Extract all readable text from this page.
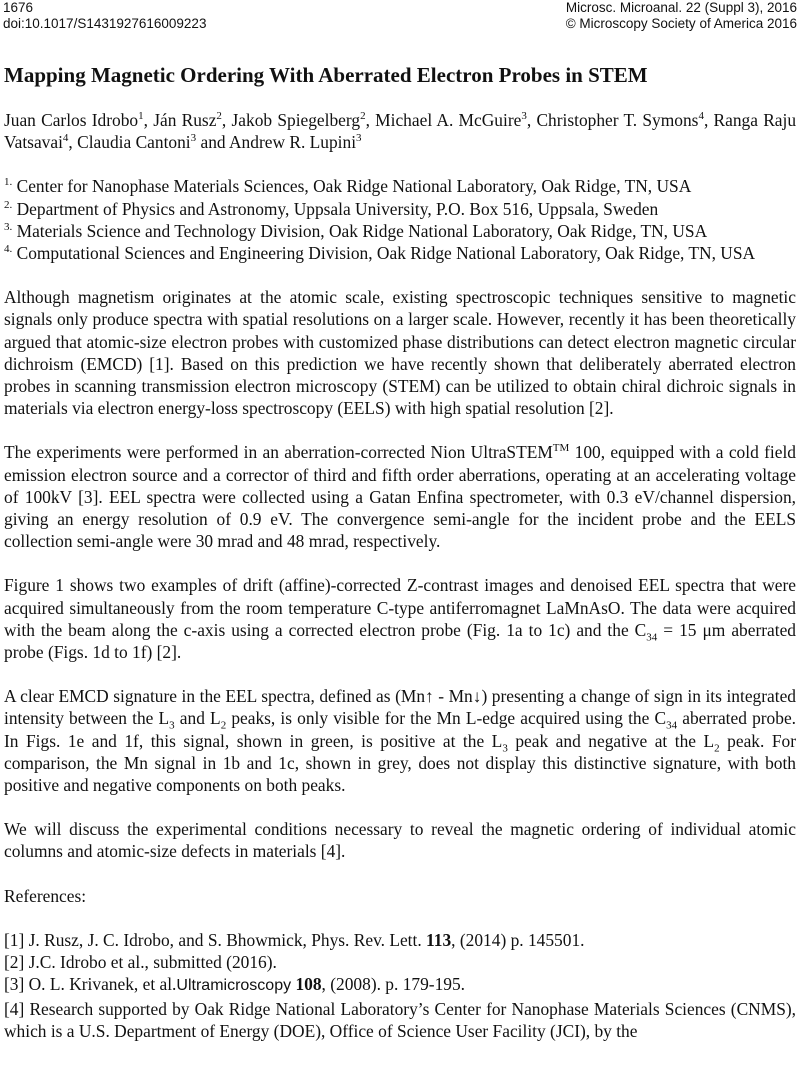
1676
doi:10.1017/S1431927616009223
Microsc. Microanal. 22 (Suppl 3), 2016
© Microscopy Society of America 2016
Mapping Magnetic Ordering With Aberrated Electron Probes in STEM
Juan Carlos Idrobo$^1$, Ján Rusz$^2$, Jakob Spiegelberg$^2$, Michael A. McGuire$^3$, Christopher T. Symons$^4$, Ranga Raju Vatsavai$^4$, Claudia Cantoni$^3$ and Andrew R. Lupini$^3$
$^{1.}$ Center for Nanophase Materials Sciences, Oak Ridge National Laboratory, Oak Ridge, TN, USA
$^{2.}$ Department of Physics and Astronomy, Uppsala University, P.O. Box 516, Uppsala, Sweden
$^{3.}$ Materials Science and Technology Division, Oak Ridge National Laboratory, Oak Ridge, TN, USA
$^{4.}$ Computational Sciences and Engineering Division, Oak Ridge National Laboratory, Oak Ridge, TN, USA
Although magnetism originates at the atomic scale, existing spectroscopic techniques sensitive to magnetic signals only produce spectra with spatial resolutions on a larger scale. However, recently it has been theoretically argued that atomic-size electron probes with customized phase distributions can detect electron magnetic circular dichroism (EMCD) [1]. Based on this prediction we have recently shown that deliberately aberrated electron probes in scanning transmission electron microscopy (STEM) can be utilized to obtain chiral dichroic signals in materials via electron energy-loss spectroscopy (EELS) with high spatial resolution [2].
The experiments were performed in an aberration-corrected Nion UltraSTEM™ 100, equipped with a cold field emission electron source and a corrector of third and fifth order aberrations, operating at an accelerating voltage of 100kV [3]. EEL spectra were collected using a Gatan Enfina spectrometer, with 0.3 eV/channel dispersion, giving an energy resolution of 0.9 eV. The convergence semi-angle for the incident probe and the EELS collection semi-angle were 30 mrad and 48 mrad, respectively.
Figure 1 shows two examples of drift (affine)-corrected Z-contrast images and denoised EEL spectra that were acquired simultaneously from the room temperature C-type antiferromagnet LaMnAsO. The data were acquired with the beam along the c-axis using a corrected electron probe (Fig. 1a to 1c) and the $C_{34} = 15$ μm aberrated probe (Figs. 1d to 1f) [2].
A clear EMCD signature in the EEL spectra, defined as (Mn↑ - Mn↓) presenting a change of sign in its integrated intensity between the $L_3$ and $L_2$ peaks, is only visible for the Mn L-edge acquired using the $C_{34}$ aberrated probe. In Figs. 1e and 1f, this signal, shown in green, is positive at the $L_3$ peak and negative at the $L_2$ peak. For comparison, the Mn signal in 1b and 1c, shown in grey, does not display this distinctive signature, with both positive and negative components on both peaks.
We will discuss the experimental conditions necessary to reveal the magnetic ordering of individual atomic columns and atomic-size defects in materials [4].
References:
[1] J. Rusz, J. C. Idrobo, and S. Bhowmick, Phys. Rev. Lett. 113, (2014) p. 145501.
[2] J.C. Idrobo et al., submitted (2016).
[3] O. L. Krivanek, et al.Ultramicroscopy 108, (2008). p. 179-195.
[4] Research supported by Oak Ridge National Laboratory’s Center for Nanophase Materials Sciences (CNMS), which is a U.S. Department of Energy (DOE), Office of Science User Facility (JCI), by the
